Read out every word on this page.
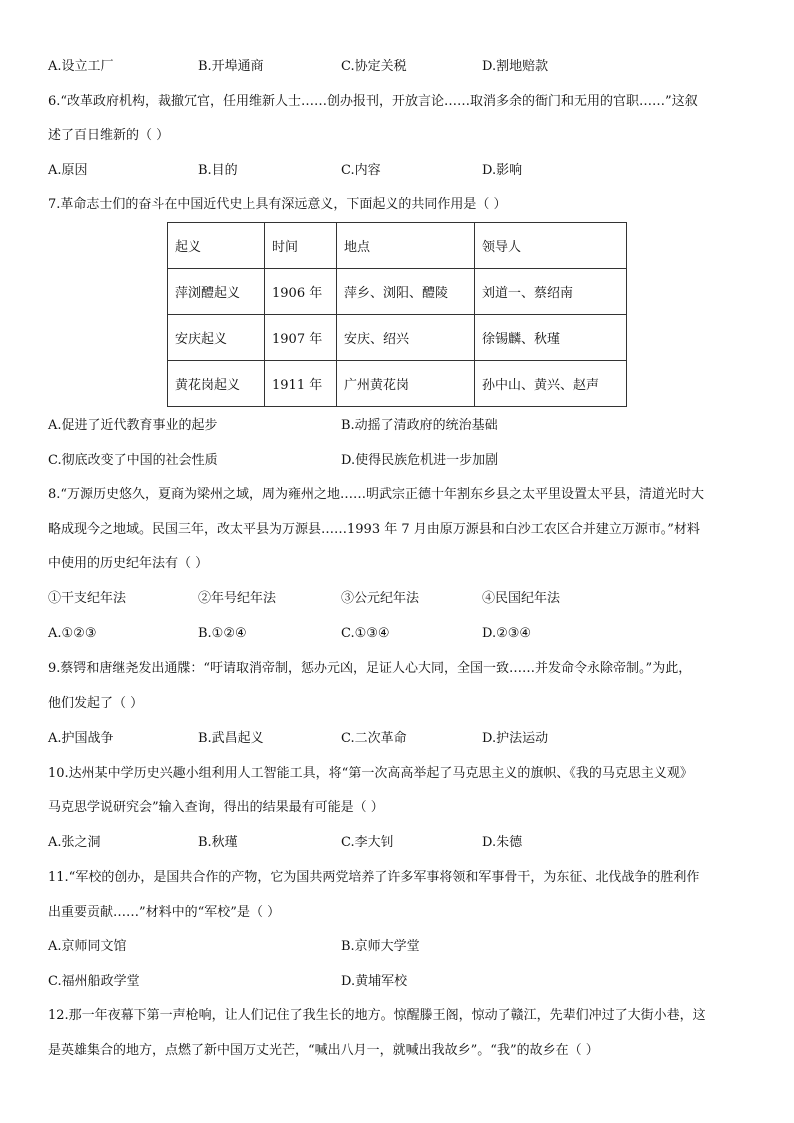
A.设立工厂	B.开埠通商	C.协定关税	D.割地赔款
6.“改革政府机构，裁撤冗官，任用维新人士……创办报刊，开放言论……取消多余的衙门和无用的官职……”这叙
述了百日维新的（ ）
A.原因	B.目的	C.内容	D.影响
7.革命志士们的奋斗在中国近代史上具有深远意义，下面起义的共同作用是（ ）
起义	时间	地点	领导人
萍浏醴起义	1906 年	萍乡、浏阳、醴陵	刘道一、蔡绍南
安庆起义	1907 年	安庆、绍兴	徐锡麟、秋瑾
黄花岗起义	1911 年	广州黄花岗	孙中山、黄兴、赵声
A.促进了近代教育事业的起步	B.动摇了清政府的统治基础
C.彻底改变了中国的社会性质	D.使得民族危机进一步加剧
8.“万源历史悠久，夏商为梁州之域，周为雍州之地……明武宗正德十年割东乡县之太平里设置太平县，清道光时大
略成现今之地域。民国三年，改太平县为万源县……1993 年 7 月由原万源县和白沙工农区合并建立万源市。”材料
中使用的历史纪年法有（ ）
①干支纪年法	②年号纪年法	③公元纪年法	④民国纪年法
A.①②③	B.①②④	C.①③④	D.②③④
9.蔡锷和唐继尧发出通牒：“吁请取消帝制，惩办元凶，足证人心大同，全国一致……并发命令永除帝制。”为此，
他们发起了（ ）
A.护国战争	B.武昌起义	C.二次革命	D.护法运动
10.达州某中学历史兴趣小组利用人工智能工具，将“第一次高高举起了马克思主义的旗帜、《我的马克思主义观》
马克思学说研究会”输入查询，得出的结果最有可能是（ ）
A.张之洞	B.秋瑾	C.李大钊	D.朱德
11.“军校的创办，是国共合作的产物，它为国共两党培养了许多军事将领和军事骨干，为东征、北伐战争的胜利作
出重要贡献……”材料中的“军校”是（ ）
A.京师同文馆	B.京师大学堂
C.福州船政学堂	D.黄埔军校
12.那一年夜幕下第一声枪响，让人们记住了我生长的地方。惊醒滕王阁，惊动了赣江，先辈们冲过了大街小巷，这
是英雄集合的地方，点燃了新中国万丈光芒，“喊出八月一，就喊出我故乡”。“我”的故乡在（ ）
